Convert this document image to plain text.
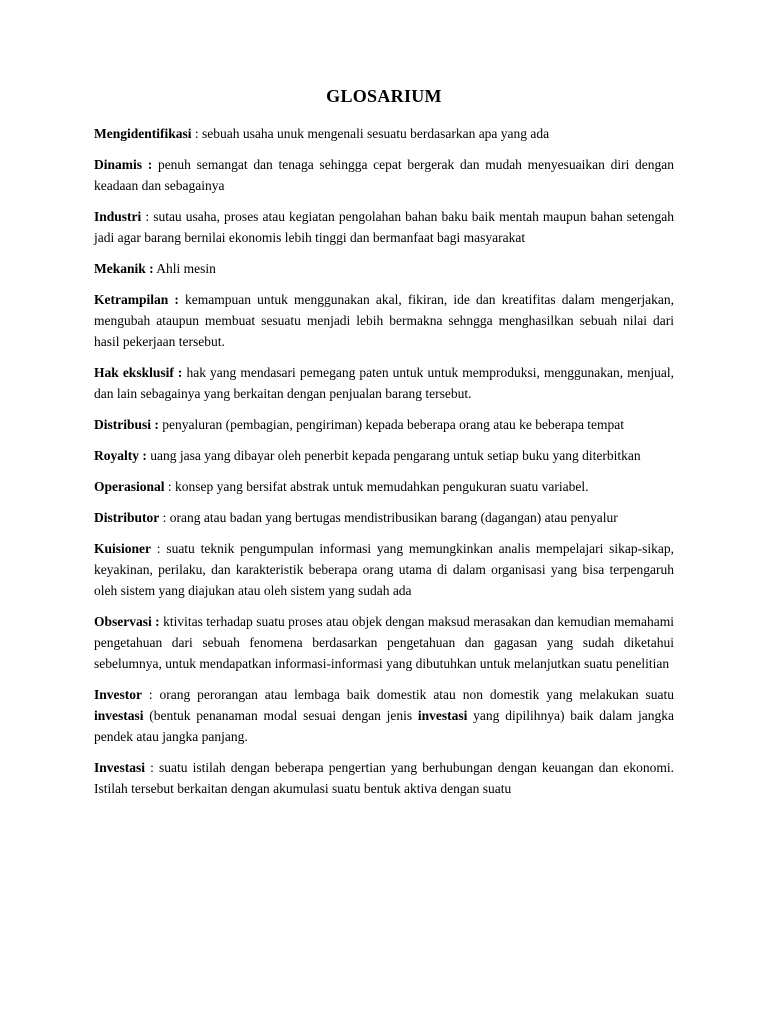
GLOSARIUM

Mengidentifikasi : sebuah usaha unuk mengenali sesuatu berdasarkan apa yang ada

Dinamis : penuh semangat dan tenaga sehingga cepat bergerak dan mudah menyesuaikan diri dengan keadaan dan sebagainya

Industri : sutau usaha, proses atau kegiatan pengolahan bahan baku baik mentah maupun bahan setengah jadi agar barang bernilai ekonomis lebih tinggi dan bermanfaat bagi masyarakat

Mekanik : Ahli mesin

Ketrampilan : kemampuan untuk menggunakan akal, fikiran, ide dan kreatifitas dalam mengerjakan, mengubah ataupun membuat sesuatu menjadi lebih bermakna sehngga menghasilkan sebuah nilai dari hasil pekerjaan tersebut.

Hak eksklusif : hak yang mendasari pemegang paten untuk untuk memproduksi, menggunakan, menjual, dan lain sebagainya yang berkaitan dengan penjualan barang tersebut.

Distribusi : penyaluran (pembagian, pengiriman) kepada beberapa orang atau ke beberapa tempat

Royalty : uang jasa yang dibayar oleh penerbit kepada pengarang untuk setiap buku yang diterbitkan

Operasional : konsep yang bersifat abstrak untuk memudahkan pengukuran suatu variabel.

Distributor : orang atau badan yang bertugas mendistribusikan barang (dagangan) atau penyalur

Kuisioner : suatu teknik pengumpulan informasi yang memungkinkan analis mempelajari sikap-sikap, keyakinan, perilaku, dan karakteristik beberapa orang utama di dalam organisasi yang bisa terpengaruh oleh sistem yang diajukan atau oleh sistem yang sudah ada

Observasi : ktivitas terhadap suatu proses atau objek dengan maksud merasakan dan kemudian memahami pengetahuan dari sebuah fenomena berdasarkan pengetahuan dan gagasan yang sudah diketahui sebelumnya, untuk mendapatkan informasi-informasi yang dibutuhkan untuk melanjutkan suatu penelitian

Investor : orang perorangan atau lembaga baik domestik atau non domestik yang melakukan suatu investasi (bentuk penanaman modal sesuai dengan jenis investasi yang dipilihnya) baik dalam jangka pendek atau jangka panjang.

Investasi : suatu istilah dengan beberapa pengertian yang berhubungan dengan keuangan dan ekonomi. Istilah tersebut berkaitan dengan akumulasi suatu bentuk aktiva dengan suatu
